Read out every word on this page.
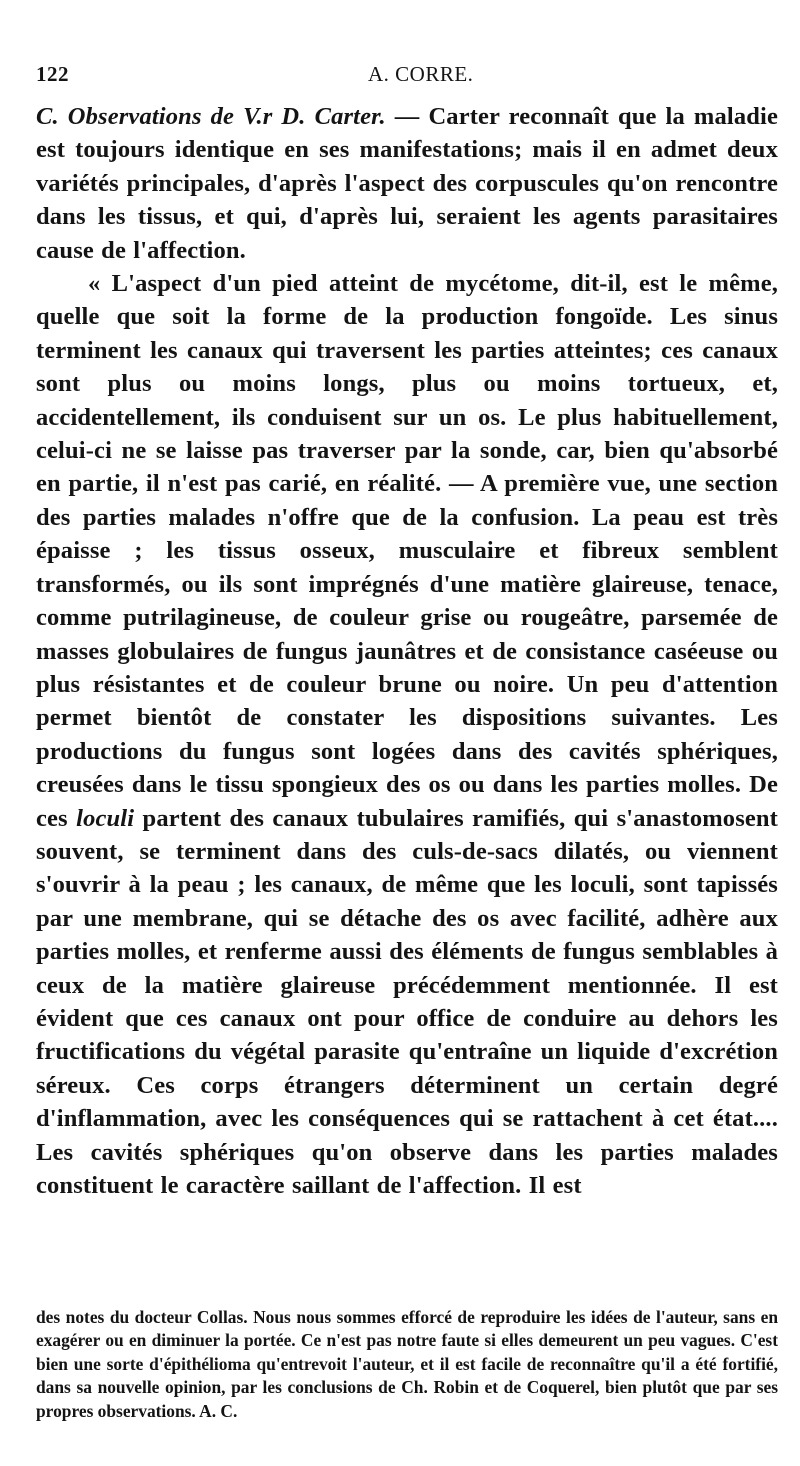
122	A. CORRE.

C. Observations de V.r D. Carter. — Carter reconnaît que la maladie est toujours identique en ses manifestations; mais il en admet deux variétés principales, d'après l'aspect des corpuscules qu'on rencontre dans les tissus, et qui, d'après lui, seraient les agents parasitaires cause de l'affection.

« L'aspect d'un pied atteint de mycétome, dit-il, est le même, quelle que soit la forme de la production fongoïde. Les sinus terminent les canaux qui traversent les parties atteintes; ces canaux sont plus ou moins longs, plus ou moins tortueux, et, accidentellement, ils conduisent sur un os. Le plus habituellement, celui-ci ne se laisse pas traverser par la sonde, car, bien qu'absorbé en partie, il n'est pas carié, en réalité. — A première vue, une section des parties malades n'offre que de la confusion. La peau est très épaisse ; les tissus osseux, musculaire et fibreux semblent transformés, ou ils sont imprégnés d'une matière glaireuse, tenace, comme putrilagineuse, de couleur grise ou rougeâtre, parsemée de masses globulaires de fungus jaunâtres et de consistance caséeuse ou plus résistantes et de couleur brune ou noire. Un peu d'attention permet bientôt de constater les dispositions suivantes. Les productions du fungus sont logées dans des cavités sphériques, creusées dans le tissu spongieux des os ou dans les parties molles. De ces loculi partent des canaux tubulaires ramifiés, qui s'anastomosent souvent, se terminent dans des culs-de-sacs dilatés, ou viennent s'ouvrir à la peau ; les canaux, de même que les loculi, sont tapissés par une membrane, qui se détache des os avec facilité, adhère aux parties molles, et renferme aussi des éléments de fungus semblables à ceux de la matière glaireuse précédemment mentionnée. Il est évident que ces canaux ont pour office de conduire au dehors les fructifications du végétal parasite qu'entraîne un liquide d'excrétion séreux. Ces corps étrangers déterminent un certain degré d'inflammation, avec les conséquences qui se rattachent à cet état.... Les cavités sphériques qu'on observe dans les parties malades constituent le caractère saillant de l'affection. Il est

des notes du docteur Collas. Nous nous sommes efforcé de reproduire les idées de l'auteur, sans en exagérer ou en diminuer la portée. Ce n'est pas notre faute si elles demeurent un peu vagues. C'est bien une sorte d'épithélioma qu'entrevoit l'auteur, et il est facile de reconnaître qu'il a été fortifié, dans sa nouvelle opinion, par les conclusions de Ch. Robin et de Coquerel, bien plutôt que par ses propres observations. A. C.
